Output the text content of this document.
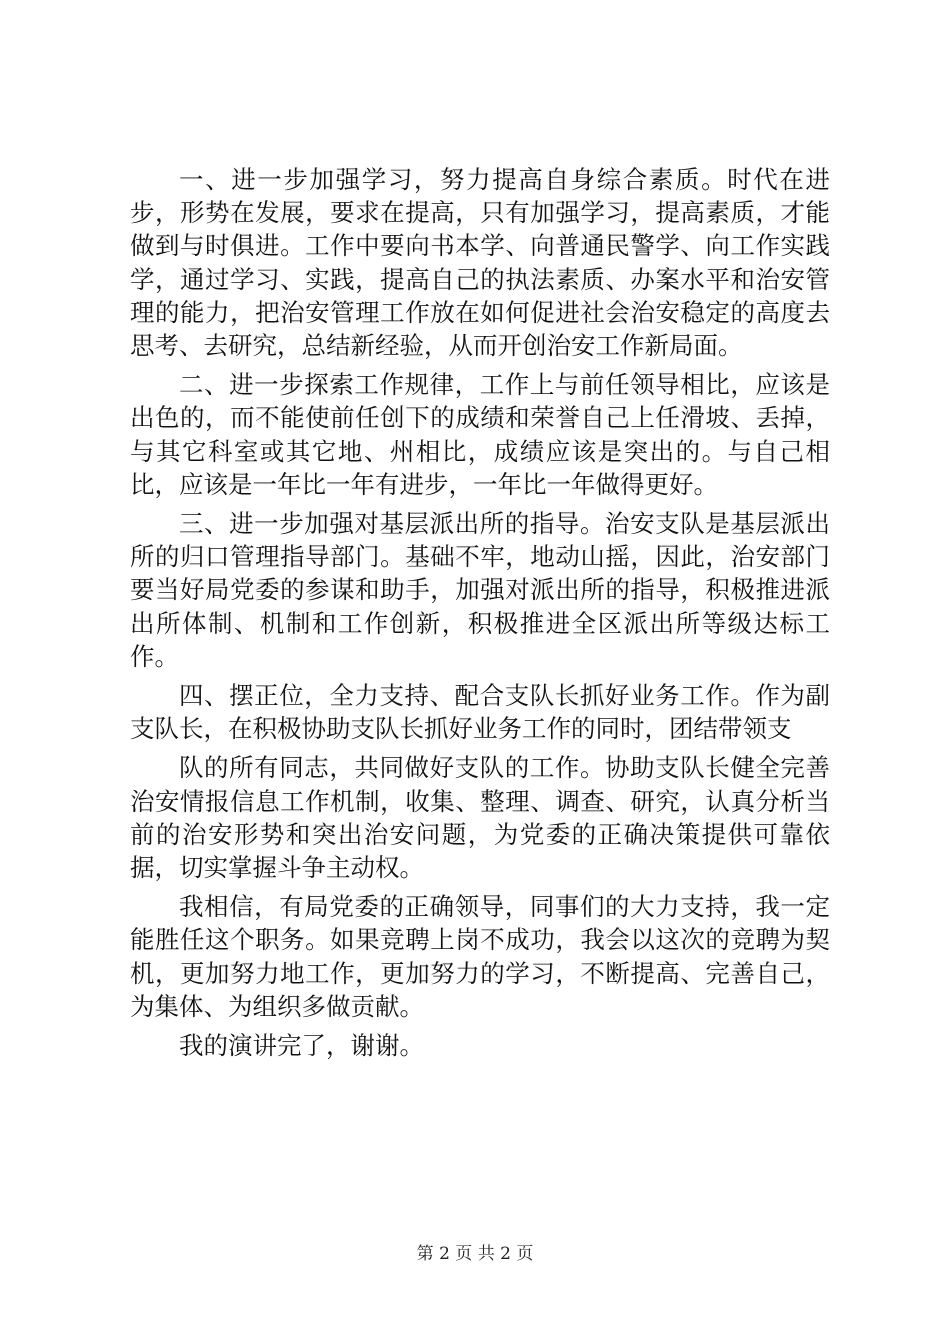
一、进一步加强学习，努力提高自身综合素质。时代在进步，形势在发展，要求在提高，只有加强学习，提高素质，才能做到与时俱进。工作中要向书本学、向普通民警学、向工作实践学，通过学习、实践，提高自己的执法素质、办案水平和治安管理的能力，把治安管理工作放在如何促进社会治安稳定的高度去思考、去研究，总结新经验，从而开创治安工作新局面。

二、进一步探索工作规律，工作上与前任领导相比，应该是出色的，而不能使前任创下的成绩和荣誉自己上任滑坡、丢掉，与其它科室或其它地、州相比，成绩应该是突出的。与自己相比，应该是一年比一年有进步，一年比一年做得更好。

三、进一步加强对基层派出所的指导。治安支队是基层派出所的归口管理指导部门。基础不牢，地动山摇，因此，治安部门要当好局党委的参谋和助手，加强对派出所的指导，积极推进派出所体制、机制和工作创新，积极推进全区派出所等级达标工作。

四、摆正位，全力支持、配合支队长抓好业务工作。作为副支队长，在积极协助支队长抓好业务工作的同时，团结带领支

队的所有同志，共同做好支队的工作。协助支队长健全完善治安情报信息工作机制，收集、整理、调查、研究，认真分析当前的治安形势和突出治安问题，为党委的正确决策提供可靠依据，切实掌握斗争主动权。

我相信，有局党委的正确领导，同事们的大力支持，我一定能胜任这个职务。如果竞聘上岗不成功，我会以这次的竞聘为契机，更加努力地工作，更加努力的学习，不断提高、完善自己，为集体、为组织多做贡献。

我的演讲完了，谢谢。

第 2 页 共 2 页
